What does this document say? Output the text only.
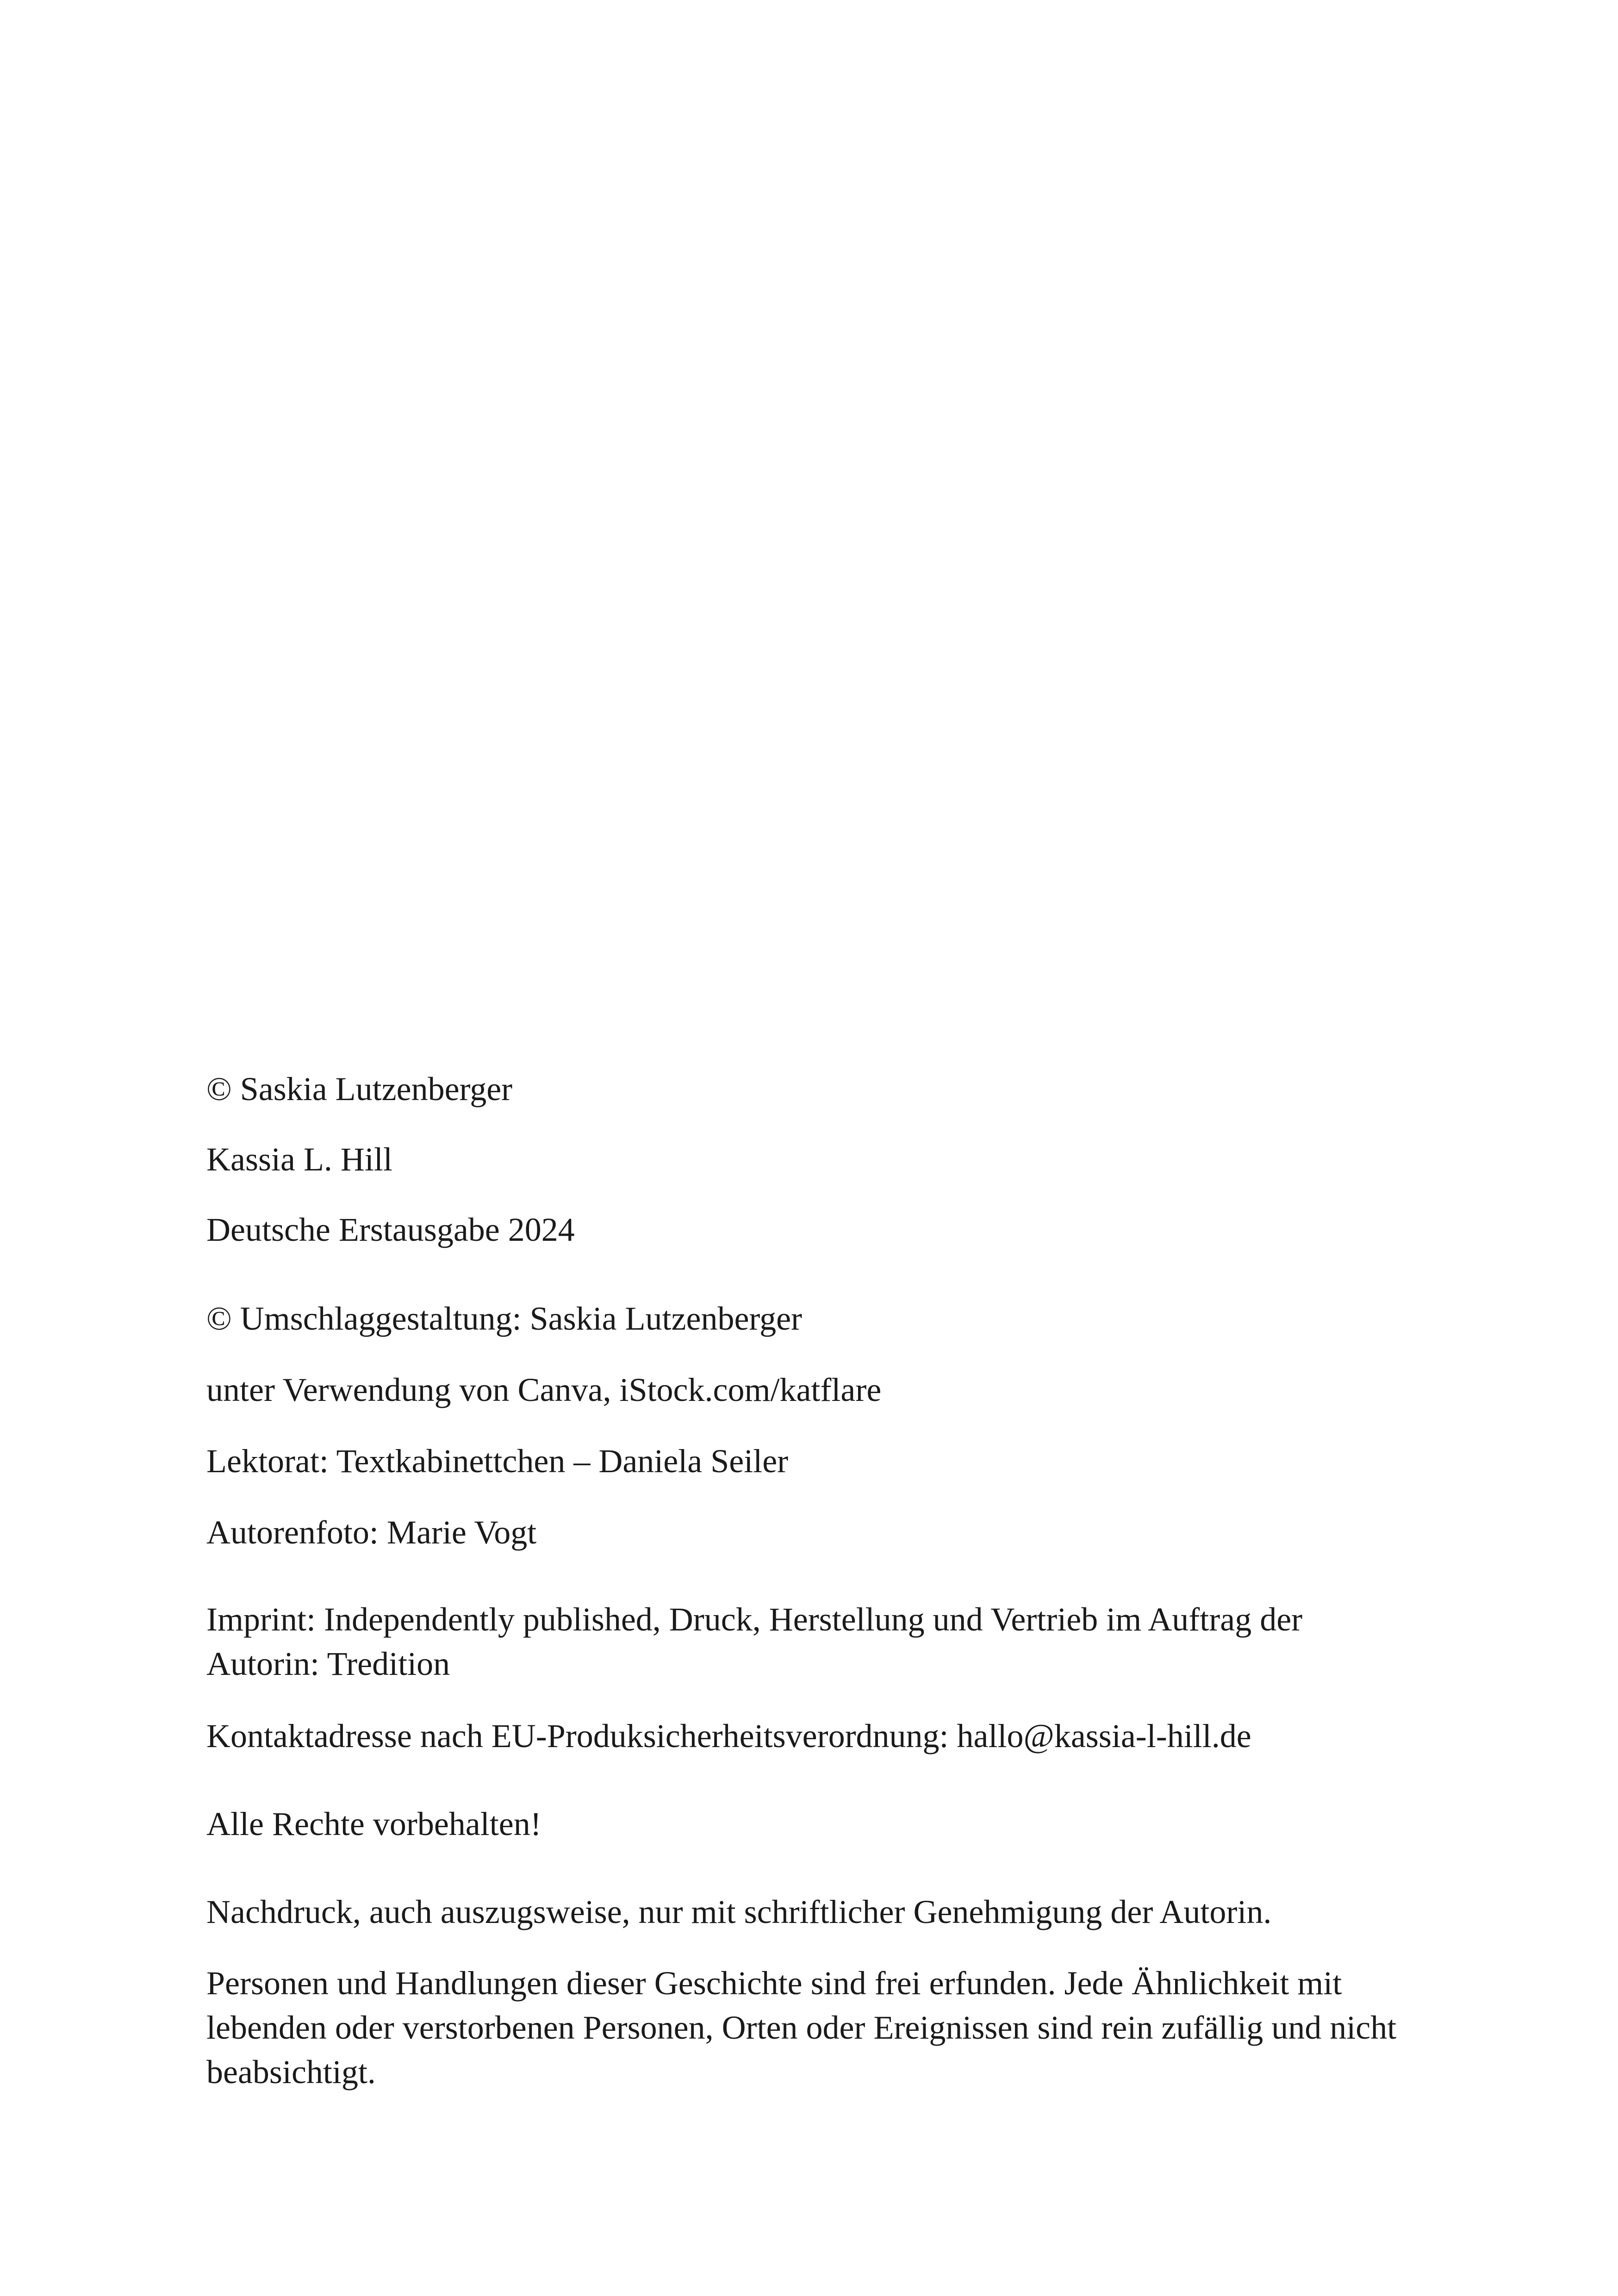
© Saskia Lutzenberger

Kassia L. Hill

Deutsche Erstausgabe 2024

© Umschlaggestaltung: Saskia Lutzenberger

unter Verwendung von Canva, iStock.com/katflare

Lektorat: Textkabinettchen – Daniela Seiler

Autorenfoto: Marie Vogt

Imprint: Independently published, Druck, Herstellung und Vertrieb im Auftrag der Autorin: Tredition

Kontaktadresse nach EU-Produksicherheitsverordnung: hallo@kassia-l-hill.de

Alle Rechte vorbehalten!

Nachdruck, auch auszugsweise, nur mit schriftlicher Genehmigung der Autorin.

Personen und Handlungen dieser Geschichte sind frei erfunden. Jede Ähnlichkeit mit lebenden oder verstorbenen Personen, Orten oder Ereignissen sind rein zufällig und nicht beabsichtigt.
